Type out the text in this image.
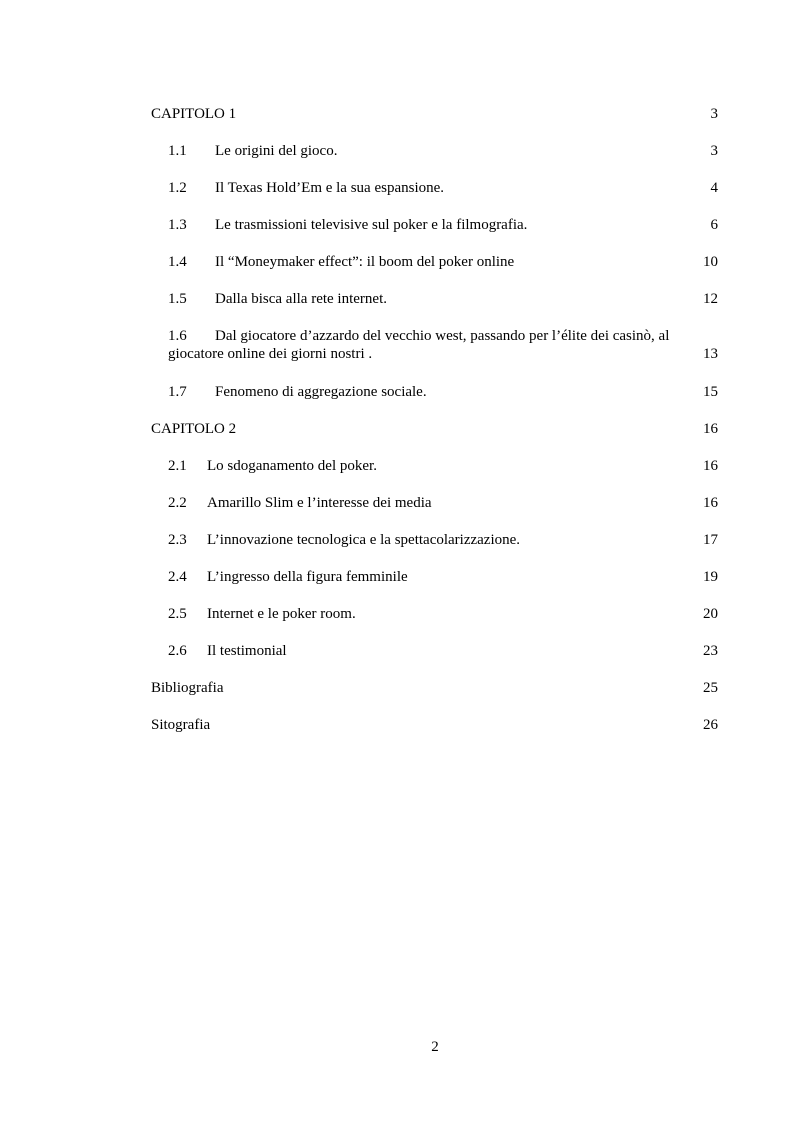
CAPITOLO 1	3
1.1 Le origini del gioco.	3
1.2 Il Texas Hold’Em e la sua espansione.	4
1.3 Le trasmissioni televisive sul poker e la filmografia.	6
1.4 Il “Moneymaker effect”: il boom del poker online	10
1.5 Dalla bisca alla rete internet.	12
1.6 Dal giocatore d’azzardo del vecchio west, passando per l’élite dei casinò, al
giocatore online dei giorni nostri .	13
1.7 Fenomeno di aggregazione sociale.	15
CAPITOLO 2	16
2.1 Lo sdoganamento del poker.	16
2.2 Amarillo Slim e l’interesse dei media	16
2.3 L’innovazione tecnologica e la spettacolarizzazione.	17
2.4 L’ingresso della figura femminile	19
2.5 Internet e le poker room.	20
2.6 Il testimonial	23
Bibliografia	25
Sitografia	26
2
